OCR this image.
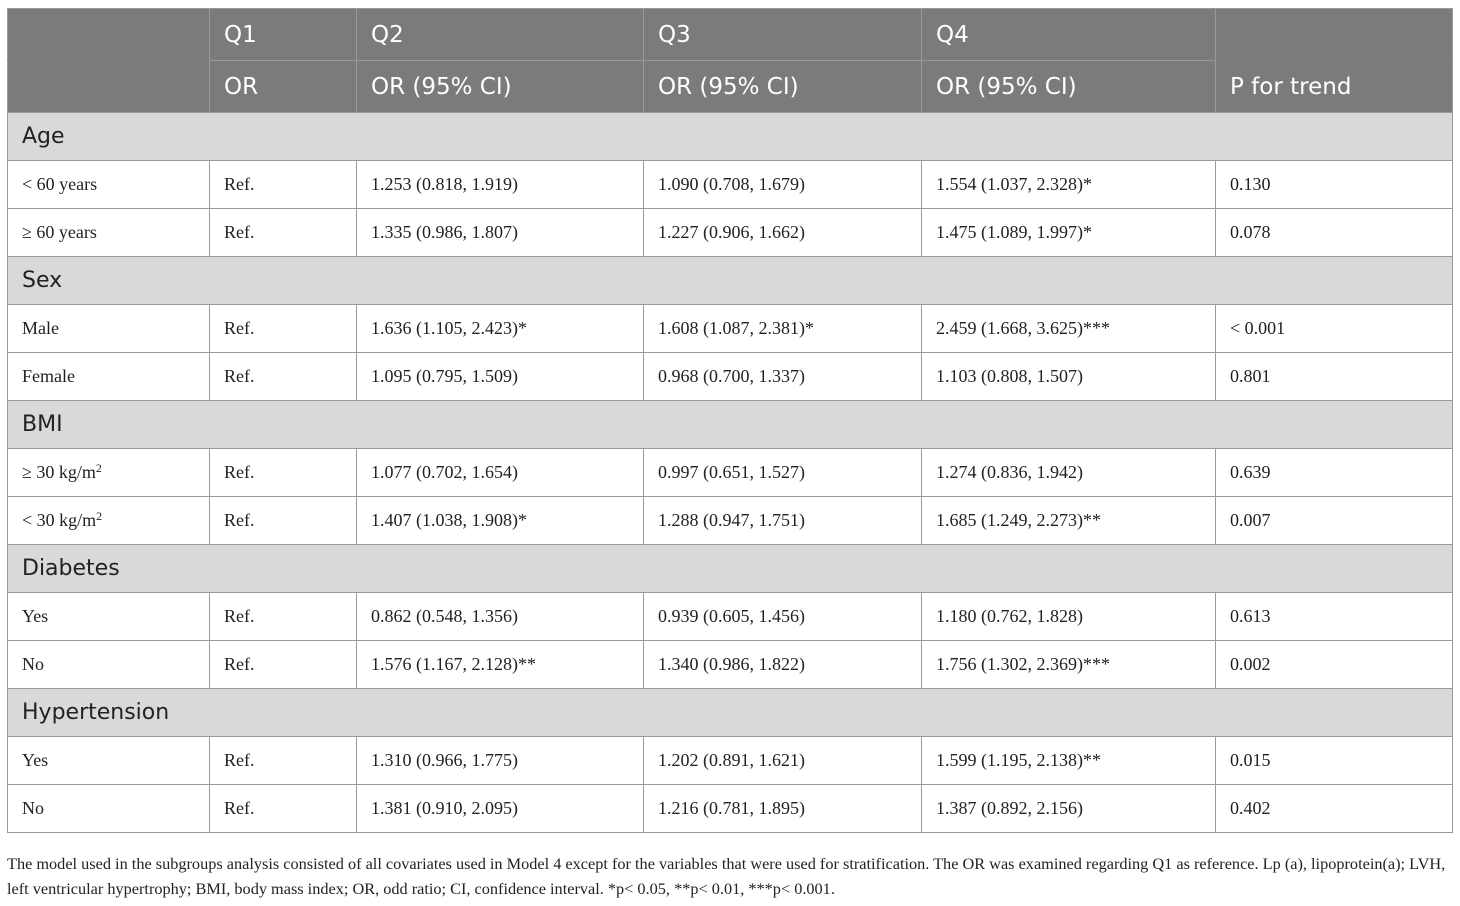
	Q1	Q2	Q3	Q4	
	OR	OR (95% CI)	OR (95% CI)	OR (95% CI)	P for trend
Age					
< 60 years	Ref.	1.253 (0.818, 1.919)	1.090 (0.708, 1.679)	1.554 (1.037, 2.328)*	0.130
≥ 60 years	Ref.	1.335 (0.986, 1.807)	1.227 (0.906, 1.662)	1.475 (1.089, 1.997)*	0.078
Sex					
Male	Ref.	1.636 (1.105, 2.423)*	1.608 (1.087, 2.381)*	2.459 (1.668, 3.625)***	< 0.001
Female	Ref.	1.095 (0.795, 1.509)	0.968 (0.700, 1.337)	1.103 (0.808, 1.507)	0.801
BMI					
≥ 30 $kg/m^2$	Ref.	1.077 (0.702, 1.654)	0.997 (0.651, 1.527)	1.274 (0.836, 1.942)	0.639
< 30 $kg/m^2$	Ref.	1.407 (1.038, 1.908)*	1.288 (0.947, 1.751)	1.685 (1.249, 2.273)**	0.007
Diabetes					
Yes	Ref.	0.862 (0.548, 1.356)	0.939 (0.605, 1.456)	1.180 (0.762, 1.828)	0.613
No	Ref.	1.576 (1.167, 2.128)**	1.340 (0.986, 1.822)	1.756 (1.302, 2.369)***	0.002
Hypertension					
Yes	Ref.	1.310 (0.966, 1.775)	1.202 (0.891, 1.621)	1.599 (1.195, 2.138)**	0.015
No	Ref.	1.381 (0.910, 2.095)	1.216 (0.781, 1.895)	1.387 (0.892, 2.156)	0.402
The model used in the subgroups analysis consisted of all covariates used in Model 4 except for the variables that were used for stratification. The OR was examined regarding Q1 as reference. Lp (a), lipoprotein(a); LVH, left ventricular hypertrophy; BMI, body mass index; OR, odd ratio; CI, confidence interval. *p< 0.05, **p< 0.01, ***p< 0.001.
